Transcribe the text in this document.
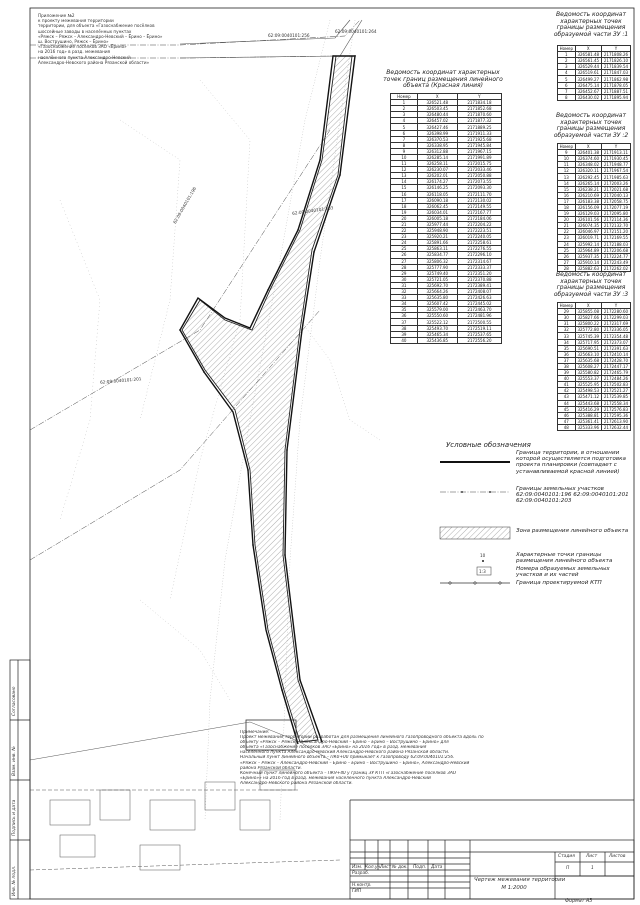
Приложение №2
к проекту межевания территории
территории, для объекта «Газоснабжение посёлков
шоссейные заводы в населённых пунктах
«Ряжск – Ряжск – Александро-Невский – Ёрино – Ёрино»
ш. Вострушино, Ряжск – Ёрино»
«Газоснабжение посёлков ЗАО «Ёрино»
на 2016 год» в разд. межевания
населённого пункта Александро-Невский
Александро-Невского района Рязанской области»
62:09:0040101:256
62:09:0040101:264
62:09:0040101:196	62:09:0040101:203
62:09:0040101:201
Ведомость координат характерных
точек границ размещения линейного
объекта (Красная линия)
Номер	X	Y
1	326521.48	2171834.18
2	326503.45	2171852.68
3	326480.44	2171870.60
4	326457.02	2171877.32
5	326427.46	2171889.25
6	326398.99	2171911.33
7	326370.53	2171925.68
8	326338.95	2171945.84
9	326312.88	2171967.15
10	326285.14	2171991.89
11	326258.11	2172015.75
12	326230.07	2172033.46
13	326202.01	2172050.88
14	326174.27	2172073.55
15	326146.25	2172093.30
16	326118.05	2172111.70
17	326090.18	2172130.02
18	326062.45	2172149.55
19	326034.01	2172167.77
20	326005.18	2172184.06
21	325977.44	2172204.22
22	325948.90	2172223.51
23	325920.21	2172240.05
24	325891.66	2172258.61
25	325863.11	2172276.55
26	325834.77	2172296.10
27	325806.32	2172314.67
28	325777.90	2172333.37
29	325749.40	2172351.20
30	325721.05	2172370.88
31	325692.70	2172389.41
32	325664.26	2172408.07
33	325635.80	2172426.63
34	325607.42	2172445.02
35	325579.00	2172463.70
36	325550.60	2172481.96
37	325522.12	2172500.55
38	325493.70	2172519.11
39	325465.34	2172537.65
40	325436.85	2172556.20
Ведомость координат
характерных точек
границы размещения
образуемой части ЗУ :1
Номер	X	Y
1	326581.48	2171808.26
2	326561.45	2171826.10
3	326529.44	2171839.54
4	326519.61	2171847.03
5	326499.27	2171862.98
6	326475.14	2171878.05
7	326452.67	2171887.51
8	326430.02	2171895.94
Ведомость координат
характерных точек
границы размещения
образуемой части ЗУ :2
Номер	X	Y
9	326401.38	2171913.11
10	326374.60	2171930.45
11	326348.02	2171948.77
12	326320.11	2171967.54
13	326292.45	2171985.63
14	326265.14	2172003.26
15	326238.21	2172021.68
16	326210.69	2172040.13
17	326183.38	2172058.75
18	326156.09	2172077.19
19	326129.03	2172095.80
20	326101.56	2172114.36
21	326074.35	2172132.70
22	326046.97	2172151.20
23	326019.71	2172169.55
24	325992.14	2172188.03
25	325964.89	2172206.68
26	325937.35	2172224.77
27	325910.14	2172243.49
28	325882.63	2172262.02
Ведомость координат
характерных точек
границы размещения
образуемой части ЗУ :3
Номер	X	Y
29	325855.08	2172280.60
30	325827.66	2172299.03
31	325800.22	2172317.69
32	325772.80	2172336.05
33	325745.39	2172354.48
34	325717.95	2172373.07
35	325690.51	2172391.63
36	325663.10	2172410.14
37	325635.68	2172428.70
38	325608.27	2172447.17
39	325580.82	2172465.79
40	325553.37	2172484.26
41	325525.95	2172502.83
42	325498.53	2172521.27
43	325471.12	2172539.85
44	325443.68	2172558.34
45	325416.29	2172576.83
46	325388.81	2172595.36
47	325361.41	2172613.90
48	325333.96	2172632.44
Условные обозначения
Граница территории, в отношении которой осуществляется подготовка проекта планировки (совпадает с устанавливаемой красной линией)
Границы земельных участков 62:09:0040101:196 62:09:0040101:201 62:09:0040101:203
Зона размещения линейного объекта
Характерные точки границы размещения линейного объекта
Номера образуемых земельных участков и их частей
Граница проектируемой КТП
10
1:3
Примечание:
Проект межевания территории разработан для размещения линейного газопроводного объекта вдоль по
объекту «Ряжск – Ряжск – Александро-Невский – Ёрино – Ёрино – Вострушино – Ёрино» для
объекта «Газоснабжение посёлков ЗАО «Ёрино» на 2016 год» в разд. межевания
населённого пункта Александро-Невский Александро-Невского района Рязанской области.
Начальный пункт линейного объекта – ПК0+00 примыкает к газопроводу 62:09:0040101:256.
«Ряжск – Ряжск – Александро-Невский – Ёрино – Ёрино – Вострушино – Ёрино», Александро-Невский
района Рязанской области.
Конечный пункт линейного объекта – ПК9+40 у границ ЗУ КТП «Газоснабжение посёлков ЗАО
«Ёрино»» на 2016 год в разд. межевания населённого пункта Александро-Невский
Александро-Невского района Рязанской области.
Изм. Кол.уч.
Лист № док. Подп. Дата
Разраб.
Н.контр.
ГИП
Стадия	Лист	Листов
П	1
Чертеж межевания территории
М 1:2000
Формат А3
Инв. № подл.
Подпись и дата
Взам. инв. №
Согласовано
